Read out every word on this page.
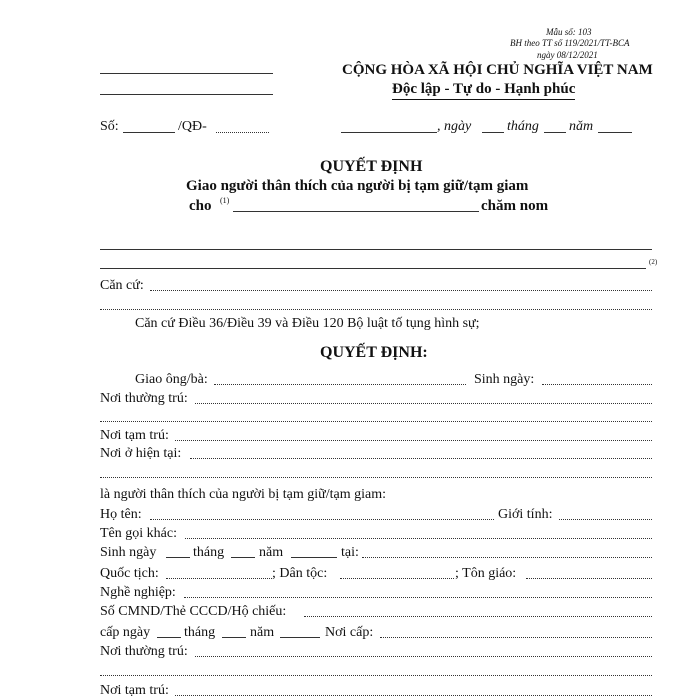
Mẫu số: 103
BH theo TT số 119/2021/TT-BCA
ngày 08/12/2021
CỘNG HÒA XÃ HỘI CHỦ NGHĨA VIỆT NAM
Độc lập - Tự do - Hạnh phúc
Số:	/QĐ-	, ngày	tháng năm
QUYẾT ĐỊNH
Giao người thân thích của người bị tạm giữ/tạm giam
cho (1)	chăm nom
(2)
Căn cứ:
Căn cứ Điều 36/Điều 39 và Điều 120 Bộ luật tố tụng hình sự;
QUYẾT ĐỊNH:
Giao ông/bà:	Sinh ngày:
Nơi thường trú:
Nơi tạm trú:
Nơi ở hiện tại:
là người thân thích của người bị tạm giữ/tạm giam:
Họ tên:	Giới tính:
Tên gọi khác:
Sinh ngày	tháng năm	tại:
Quốc tịch:	; Dân tộc:	; Tôn giáo:
Nghề nghiệp:
Số CMND/Thẻ CCCD/Hộ chiếu:
cấp ngày tháng năm	Nơi cấp:
Nơi thường trú:
Nơi tạm trú:
